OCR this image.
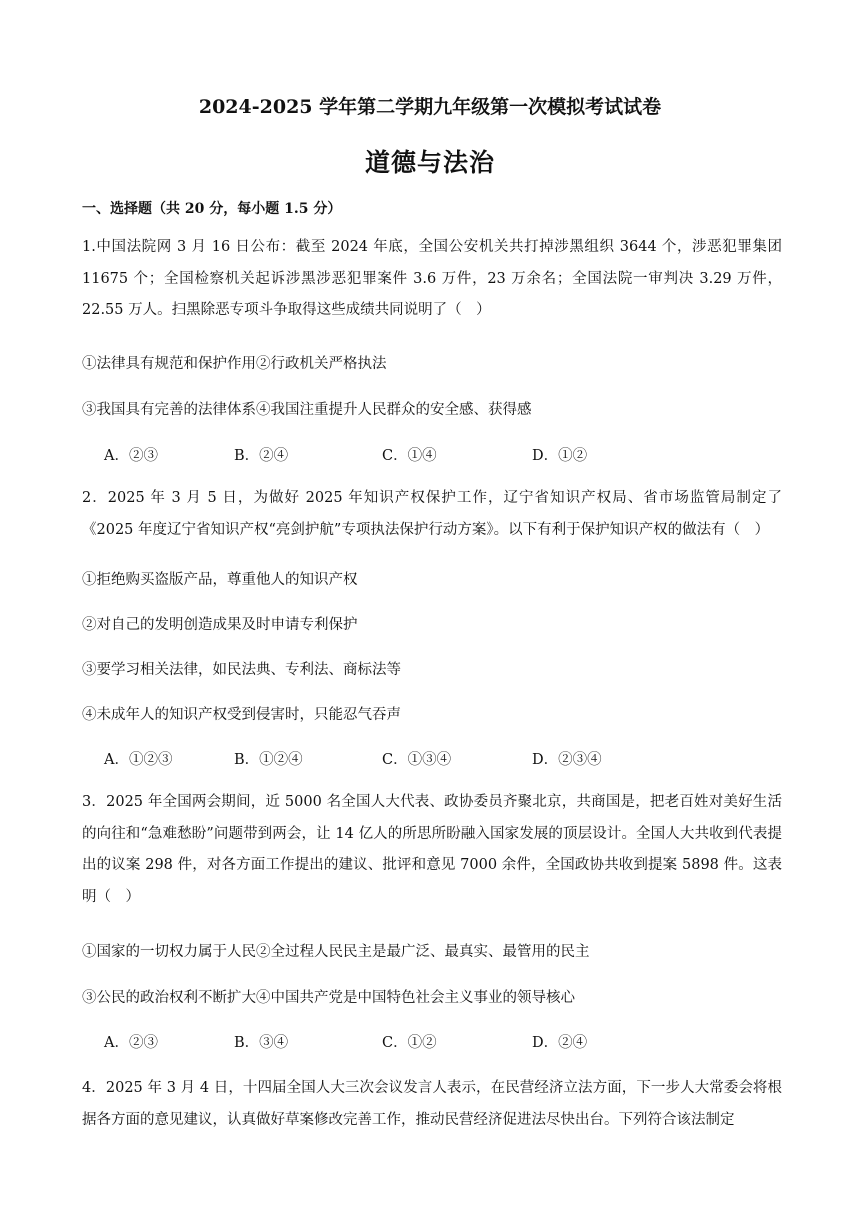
2024-2025 学年第二学期九年级第一次模拟考试试卷
道德与法治
一、选择题（共 20 分，每小题 1.5 分）
1.中国法院网 3 月 16 日公布：截至 2024 年底，全国公安机关共打掉涉黑组织 3644 个，涉恶犯罪集团 11675 个；全国检察机关起诉涉黑涉恶犯罪案件 3.6 万件，23 万余名；全国法院一审判决 3.29 万件，22.55 万人。扫黑除恶专项斗争取得这些成绩共同说明了（　）
①法律具有规范和保护作用②行政机关严格执法
③我国具有完善的法律体系④我国注重提升人民群众的安全感、获得感
A．②③	B．②④	C．①④	D．①②
2．2025 年 3 月 5 日，为做好 2025 年知识产权保护工作，辽宁省知识产权局、省市场监管局制定了《2025 年度辽宁省知识产权“亮剑护航”专项执法保护行动方案》。以下有利于保护知识产权的做法有（　）
①拒绝购买盗版产品，尊重他人的知识产权
②对自己的发明创造成果及时申请专利保护
③要学习相关法律，如民法典、专利法、商标法等
④未成年人的知识产权受到侵害时，只能忍气吞声
A．①②③	B．①②④	C．①③④	D．②③④
3．2025 年全国两会期间，近 5000 名全国人大代表、政协委员齐聚北京，共商国是，把老百姓对美好生活的向往和“急难愁盼”问题带到两会，让 14 亿人的所思所盼融入国家发展的顶层设计。全国人大共收到代表提出的议案 298 件，对各方面工作提出的建议、批评和意见 7000 余件，全国政协共收到提案 5898 件。这表明（　）
①国家的一切权力属于人民②全过程人民民主是最广泛、最真实、最管用的民主
③公民的政治权利不断扩大④中国共产党是中国特色社会主义事业的领导核心
A．②③	B．③④	C．①②	D．②④
4．2025 年 3 月 4 日，十四届全国人大三次会议发言人表示，在民营经济立法方面，下一步人大常委会将根据各方面的意见建议，认真做好草案修改完善工作，推动民营经济促进法尽快出台。下列符合该法制定
